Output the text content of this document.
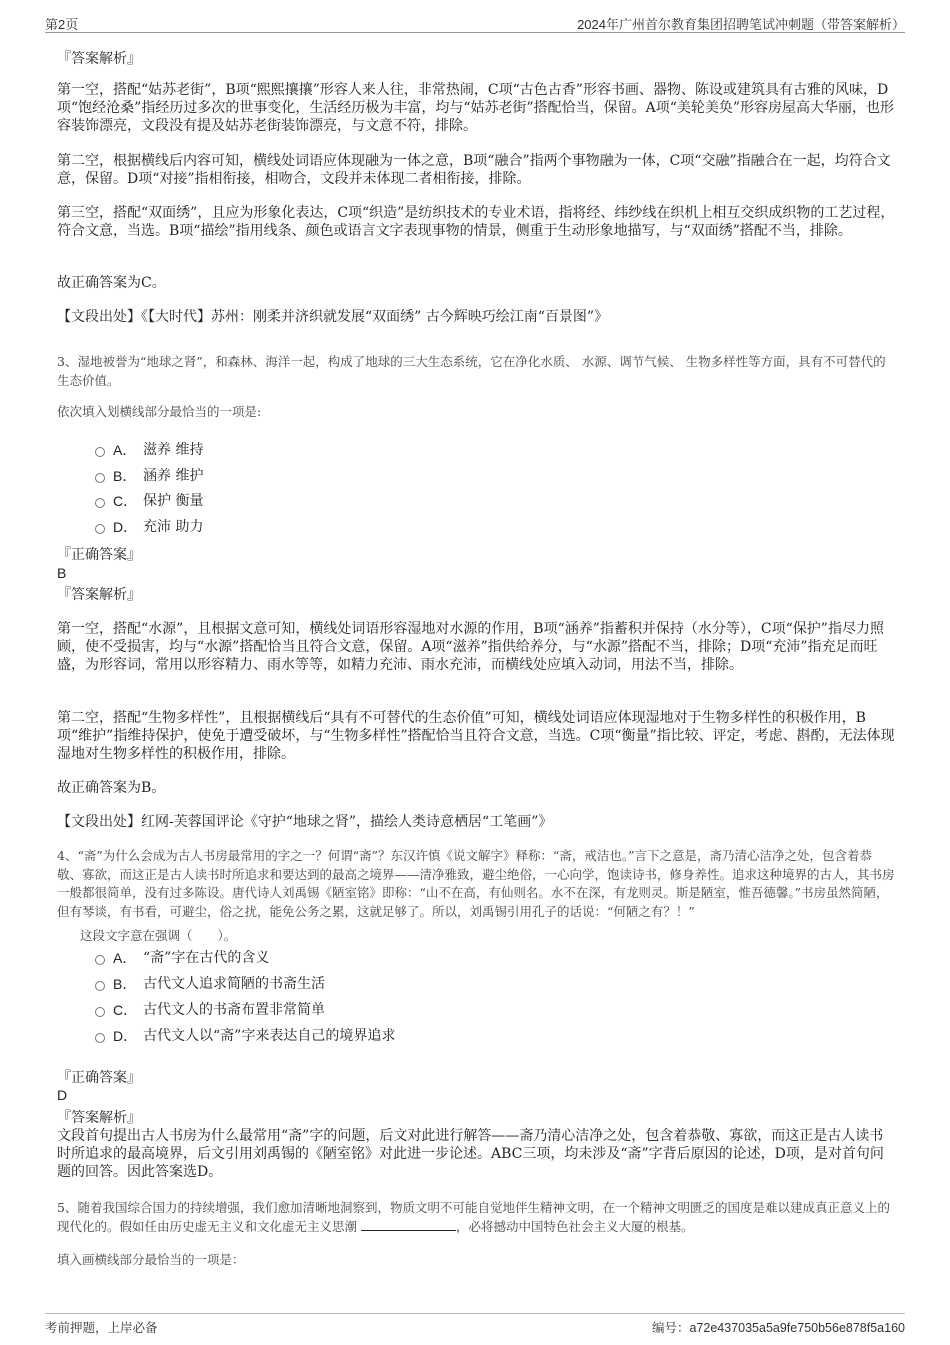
第2页	2024年广州首尔教育集团招聘笔试冲刺题（带答案解析）
『答案解析』

第一空，搭配“姑苏老街”，B项“熙熙攘攘”形容人来人往，非常热闹，C项“古色古香”形容书画、器物、陈设或建筑具有古雅的风味，D项“饱经沧桑”指经历过多次的世事变化，生活经历极为丰富，均与“姑苏老街”搭配恰当，保留。A项“美轮美奂”形容房屋高大华丽，也形容装饰漂亮，文段没有提及姑苏老街装饰漂亮，与文意不符，排除。

第二空，根据横线后内容可知，横线处词语应体现融为一体之意，B项“融合”指两个事物融为一体，C项“交融”指融合在一起，均符合文意，保留。D项“对接”指相衔接，相吻合，文段并未体现二者相衔接，排除。

第三空，搭配“双面绣”，且应为形象化表达，C项“织造”是纺织技术的专业术语，指将经、纬纱线在织机上相互交织成织物的工艺过程，符合文意，当选。B项“描绘”指用线条、颜色或语言文字表现事物的情景，侧重于生动形象地描写，与“双面绣”搭配不当，排除。

故正确答案为C。

【文段出处】《【大时代】苏州：刚柔并济织就发展“双面绣” 古今辉映巧绘江南“百景图”》

3、湿地被誉为“地球之肾”，和森林、海洋一起，构成了地球的三大生态系统，它在净化水质、 水源、调节气候、 生物多样性等方面，具有不可替代的生态价值。

依次填入划横线部分最恰当的一项是:

A． 滋养 维持
B． 涵养 维护
C． 保护 衡量
D． 充沛 助力
『正确答案』
B
『答案解析』

第一空，搭配“水源”，且根据文意可知，横线处词语形容湿地对水源的作用，B项“涵养”指蓄积并保持（水分等），C项“保护”指尽力照顾，使不受损害，均与“水源”搭配恰当且符合文意，保留。A项“滋养”指供给养分，与“水源”搭配不当，排除；D项“充沛”指充足而旺盛，为形容词，常用以形容精力、雨水等等，如精力充沛、雨水充沛，而横线处应填入动词，用法不当，排除。

第二空，搭配“生物多样性”，且根据横线后“具有不可替代的生态价值”可知，横线处词语应体现湿地对于生物多样性的积极作用，B项“维护”指维持保护，使免于遭受破坏，与“生物多样性”搭配恰当且符合文意，当选。C项“衡量”指比较、评定，考虑、斟酌，无法体现湿地对生物多样性的积极作用，排除。

故正确答案为B。

【文段出处】红网-芙蓉国评论《守护“地球之肾”，描绘人类诗意栖居“工笔画”》

4、“斋”为什么会成为古人书房最常用的字之一？何谓“斋”？东汉许慎《说文解字》释称：“斋，戒洁也。”言下之意是，斋乃清心洁净之处，包含着恭敬、寡欲，而这正是古人读书时所追求和要达到的最高之境界——清净雅致，避尘绝俗，一心向学，饱读诗书，修身养性。追求这种境界的古人，其书房一般都很简单，没有过多陈设。唐代诗人刘禹锡《陋室铭》即称：“山不在高，有仙则名。水不在深，有龙则灵。斯是陋室，惟吾德馨。”书房虽然简陋，但有琴谈，有书看，可避尘，俗之扰，能免公务之累，这就足够了。所以，刘禹锡引用孔子的话说：“何陋之有？！”

这段文字意在强调（　　）。

A． “斋”字在古代的含义
B． 古代文人追求简陋的书斋生活
C． 古代文人的书斋布置非常简单
D． 古代文人以“斋”字来表达自己的境界追求
『正确答案』
D
『答案解析』

文段首句提出古人书房为什么最常用“斋”字的问题，后文对此进行解答——斋乃清心洁净之处，包含着恭敬、寡欲，而这正是古人读书时所追求的最高境界，后文引用刘禹锡的《陋室铭》对此进一步论述。ABC三项，均未涉及“斋”字背后原因的论述，D项，是对首句问题的回答。因此答案选D。

5、随着我国综合国力的持续增强，我们愈加清晰地洞察到，物质文明不可能自觉地伴生精神文明，在一个精神文明匮乏的国度是难以建成真正意义上的现代化的。假如任由历史虚无主义和文化虚无主义思潮	，必将撼动中国特色社会主义大厦的根基。

填入画横线部分最恰当的一项是：

考前押题，上岸必备	编号：a72e437035a5a9fe750b56e878f5a160
